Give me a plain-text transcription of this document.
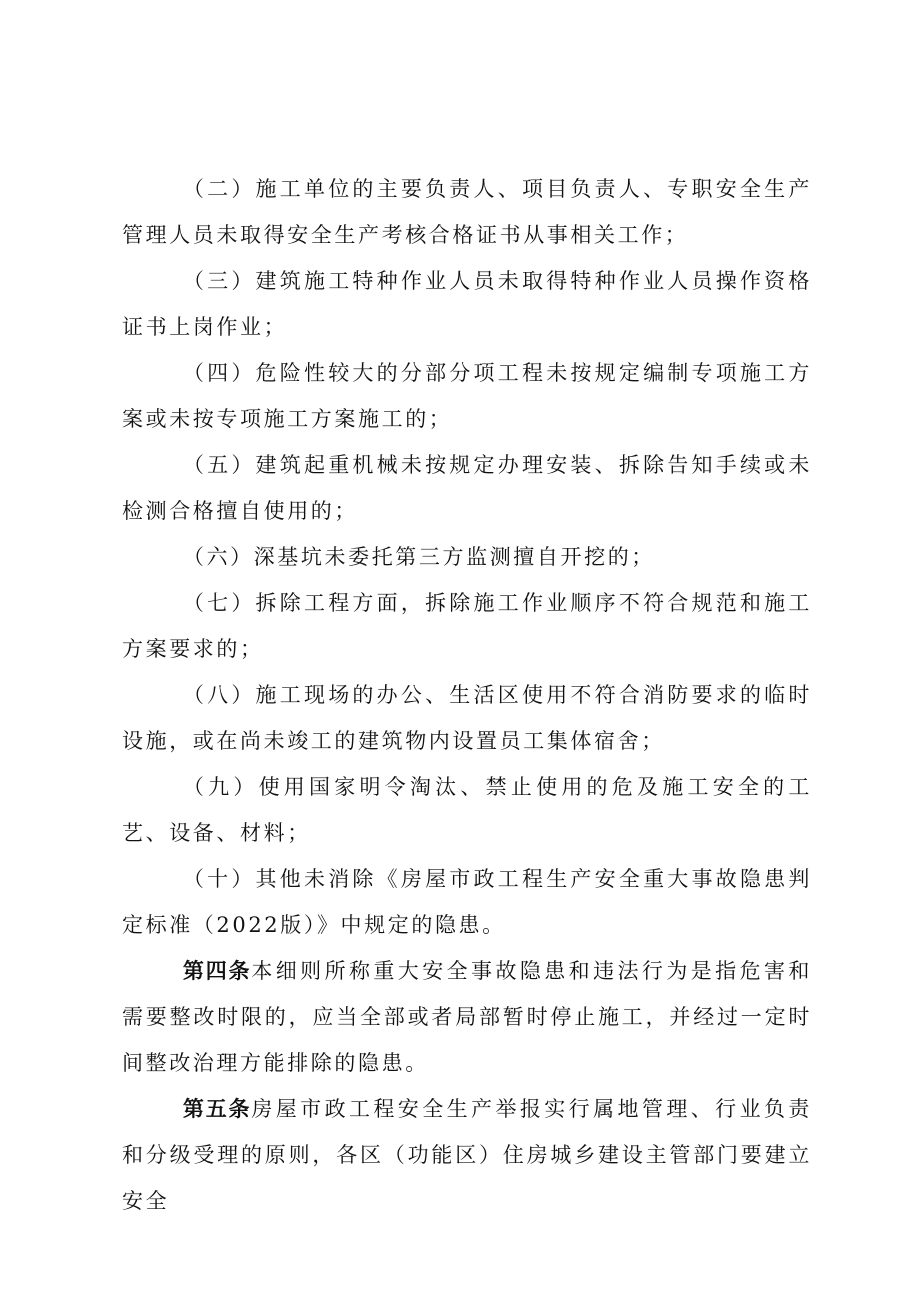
（二）施工单位的主要负责人、项目负责人、专职安全生产管理人员未取得安全生产考核合格证书从事相关工作；

（三）建筑施工特种作业人员未取得特种作业人员操作资格证书上岗作业；

（四）危险性较大的分部分项工程未按规定编制专项施工方案或未按专项施工方案施工的；

（五）建筑起重机械未按规定办理安装、拆除告知手续或未检测合格擅自使用的；

（六）深基坑未委托第三方监测擅自开挖的；

（七）拆除工程方面，拆除施工作业顺序不符合规范和施工方案要求的；

（八）施工现场的办公、生活区使用不符合消防要求的临时设施，或在尚未竣工的建筑物内设置员工集体宿舍；

（九）使用国家明令淘汰、禁止使用的危及施工安全的工艺、设备、材料；

（十）其他未消除《房屋市政工程生产安全重大事故隐患判定标准（2022版）》中规定的隐患。

第四条本细则所称重大安全事故隐患和违法行为是指危害和需要整改时限的，应当全部或者局部暂时停止施工，并经过一定时间整改治理方能排除的隐患。

第五条房屋市政工程安全生产举报实行属地管理、行业负责和分级受理的原则，各区（功能区）住房城乡建设主管部门要建立安全
